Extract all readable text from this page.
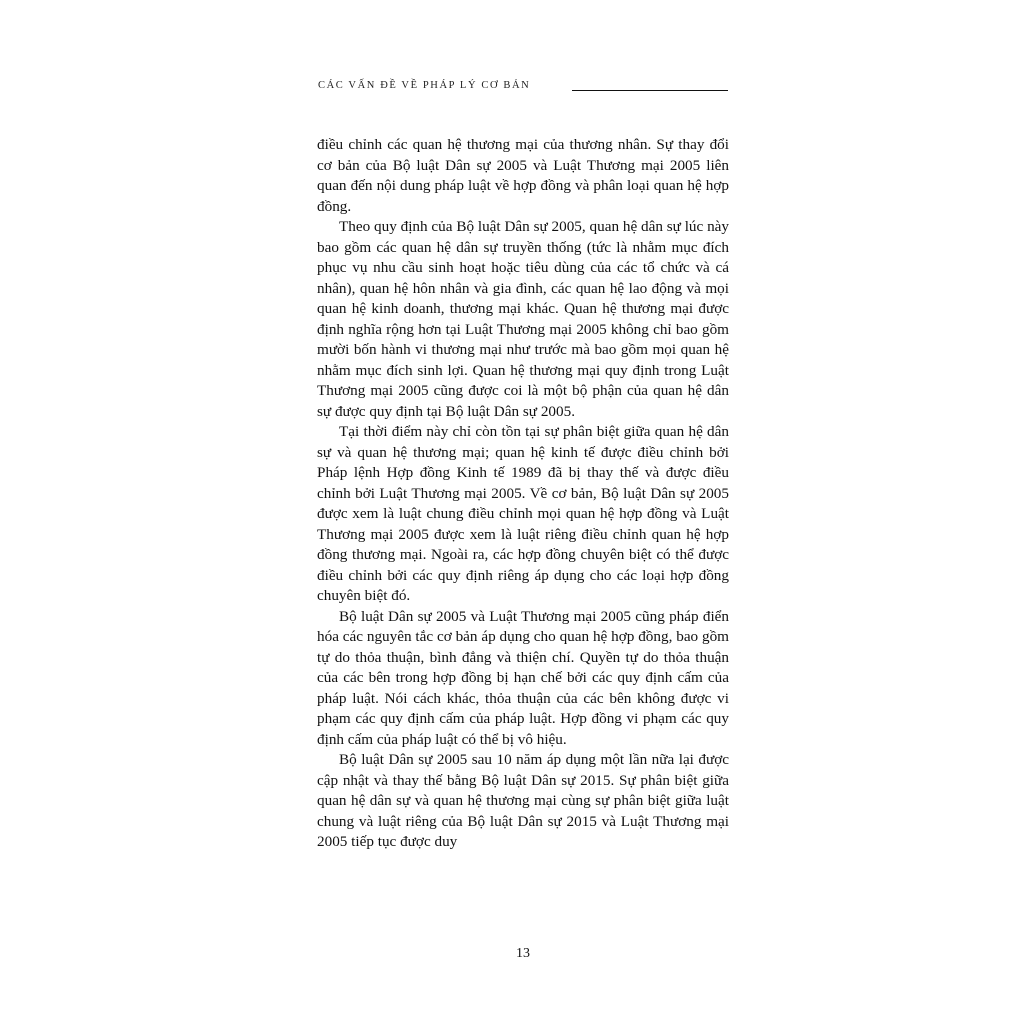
CÁC VẤN ĐỀ VỀ PHÁP LÝ CƠ BẢN

điều chỉnh các quan hệ thương mại của thương nhân. Sự thay đổi cơ bản của Bộ luật Dân sự 2005 và Luật Thương mại 2005 liên quan đến nội dung pháp luật về hợp đồng và phân loại quan hệ hợp đồng.

Theo quy định của Bộ luật Dân sự 2005, quan hệ dân sự lúc này bao gồm các quan hệ dân sự truyền thống (tức là nhằm mục đích phục vụ nhu cầu sinh hoạt hoặc tiêu dùng của các tổ chức và cá nhân), quan hệ hôn nhân và gia đình, các quan hệ lao động và mọi quan hệ kinh doanh, thương mại khác. Quan hệ thương mại được định nghĩa rộng hơn tại Luật Thương mại 2005 không chỉ bao gồm mười bốn hành vi thương mại như trước mà bao gồm mọi quan hệ nhằm mục đích sinh lợi. Quan hệ thương mại quy định trong Luật Thương mại 2005 cũng được coi là một bộ phận của quan hệ dân sự được quy định tại Bộ luật Dân sự 2005.

Tại thời điểm này chỉ còn tồn tại sự phân biệt giữa quan hệ dân sự và quan hệ thương mại; quan hệ kinh tế được điều chỉnh bởi Pháp lệnh Hợp đồng Kinh tế 1989 đã bị thay thế và được điều chỉnh bởi Luật Thương mại 2005. Về cơ bản, Bộ luật Dân sự 2005 được xem là luật chung điều chỉnh mọi quan hệ hợp đồng và Luật Thương mại 2005 được xem là luật riêng điều chỉnh quan hệ hợp đồng thương mại. Ngoài ra, các hợp đồng chuyên biệt có thể được điều chỉnh bởi các quy định riêng áp dụng cho các loại hợp đồng chuyên biệt đó.

Bộ luật Dân sự 2005 và Luật Thương mại 2005 cũng pháp điển hóa các nguyên tắc cơ bản áp dụng cho quan hệ hợp đồng, bao gồm tự do thỏa thuận, bình đẳng và thiện chí. Quyền tự do thỏa thuận của các bên trong hợp đồng bị hạn chế bởi các quy định cấm của pháp luật. Nói cách khác, thỏa thuận của các bên không được vi phạm các quy định cấm của pháp luật. Hợp đồng vi phạm các quy định cấm của pháp luật có thể bị vô hiệu.

Bộ luật Dân sự 2005 sau 10 năm áp dụng một lần nữa lại được cập nhật và thay thế bằng Bộ luật Dân sự 2015. Sự phân biệt giữa quan hệ dân sự và quan hệ thương mại cùng sự phân biệt giữa luật chung và luật riêng của Bộ luật Dân sự 2015 và Luật Thương mại 2005 tiếp tục được duy

13
